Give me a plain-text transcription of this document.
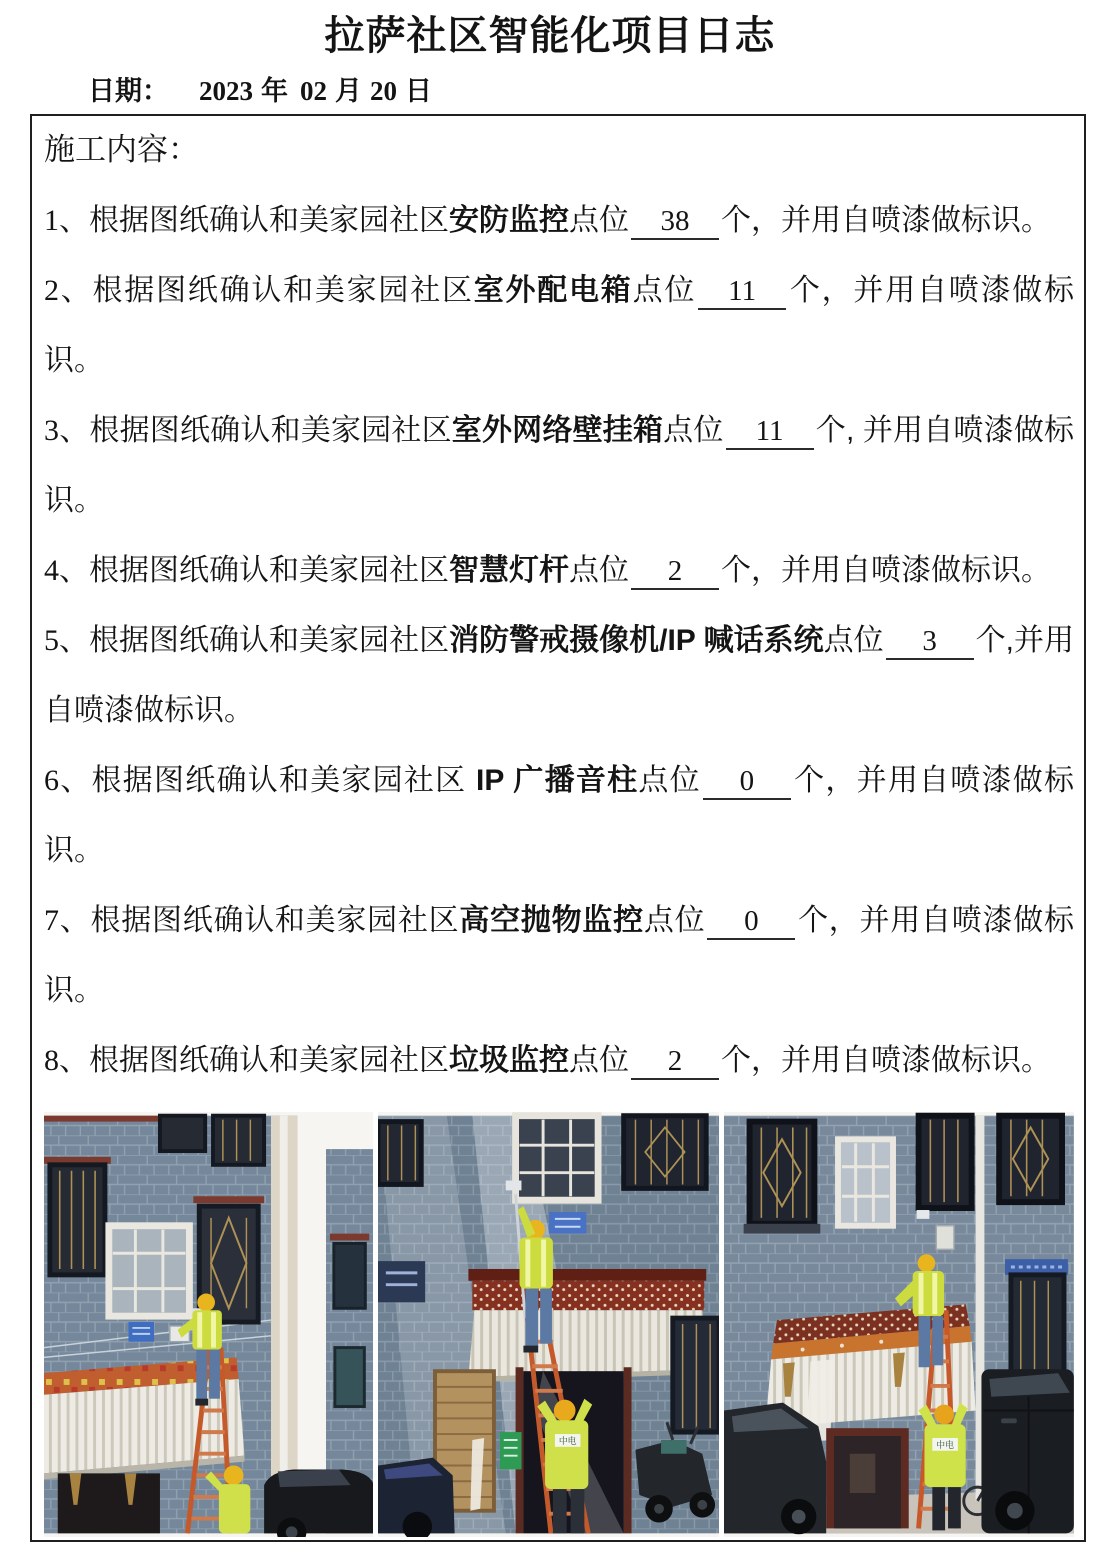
拉萨社区智能化项目日志
日期： 2023 年 02 月 20 日
施工内容：

1、根据图纸确认和美家园社区安防监控点位 38 个，并用自喷漆做标识。

2、根据图纸确认和美家园社区室外配电箱点位 11 个，并用自喷漆做标识。

3、根据图纸确认和美家园社区室外网络壁挂箱点位 11 个, 并用自喷漆做标识。

4、根据图纸确认和美家园社区智慧灯杆点位 2 个，并用自喷漆做标识。

5、根据图纸确认和美家园社区消防警戒摄像机/IP 喊话系统点位 3 个,并用自喷漆做标识。

6、根据图纸确认和美家园社区 IP 广播音柱点位 0 个，并用自喷漆做标识。

7、根据图纸确认和美家园社区高空抛物监控点位 0 个，并用自喷漆做标识。

8、根据图纸确认和美家园社区垃圾监控点位 2 个，并用自喷漆做标识。

中电	中电
